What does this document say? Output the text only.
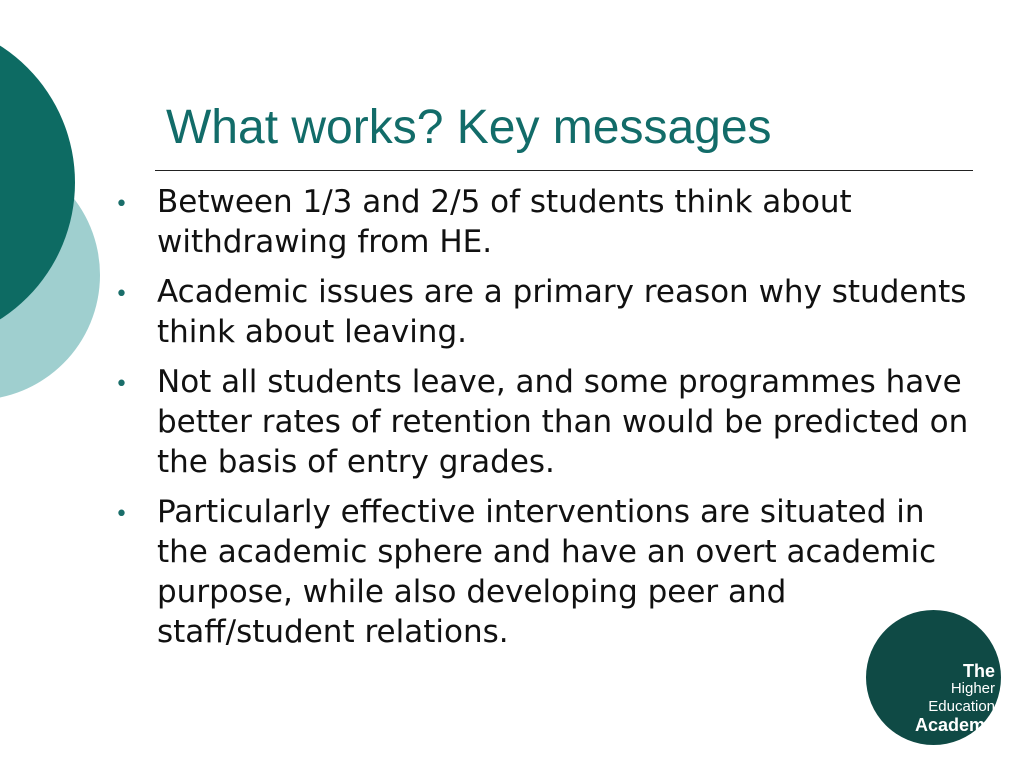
What works? Key messages
• Between 1/3 and 2/5 of students think about withdrawing from HE.
• Academic issues are a primary reason why students think about leaving.
• Not all students leave, and some programmes have better rates of retention than would be predicted on the basis of entry grades.
• Particularly effective interventions are situated in the academic sphere and have an overt academic purpose, while also developing peer and staff/student relations.
The
Higher
Education
Academy
